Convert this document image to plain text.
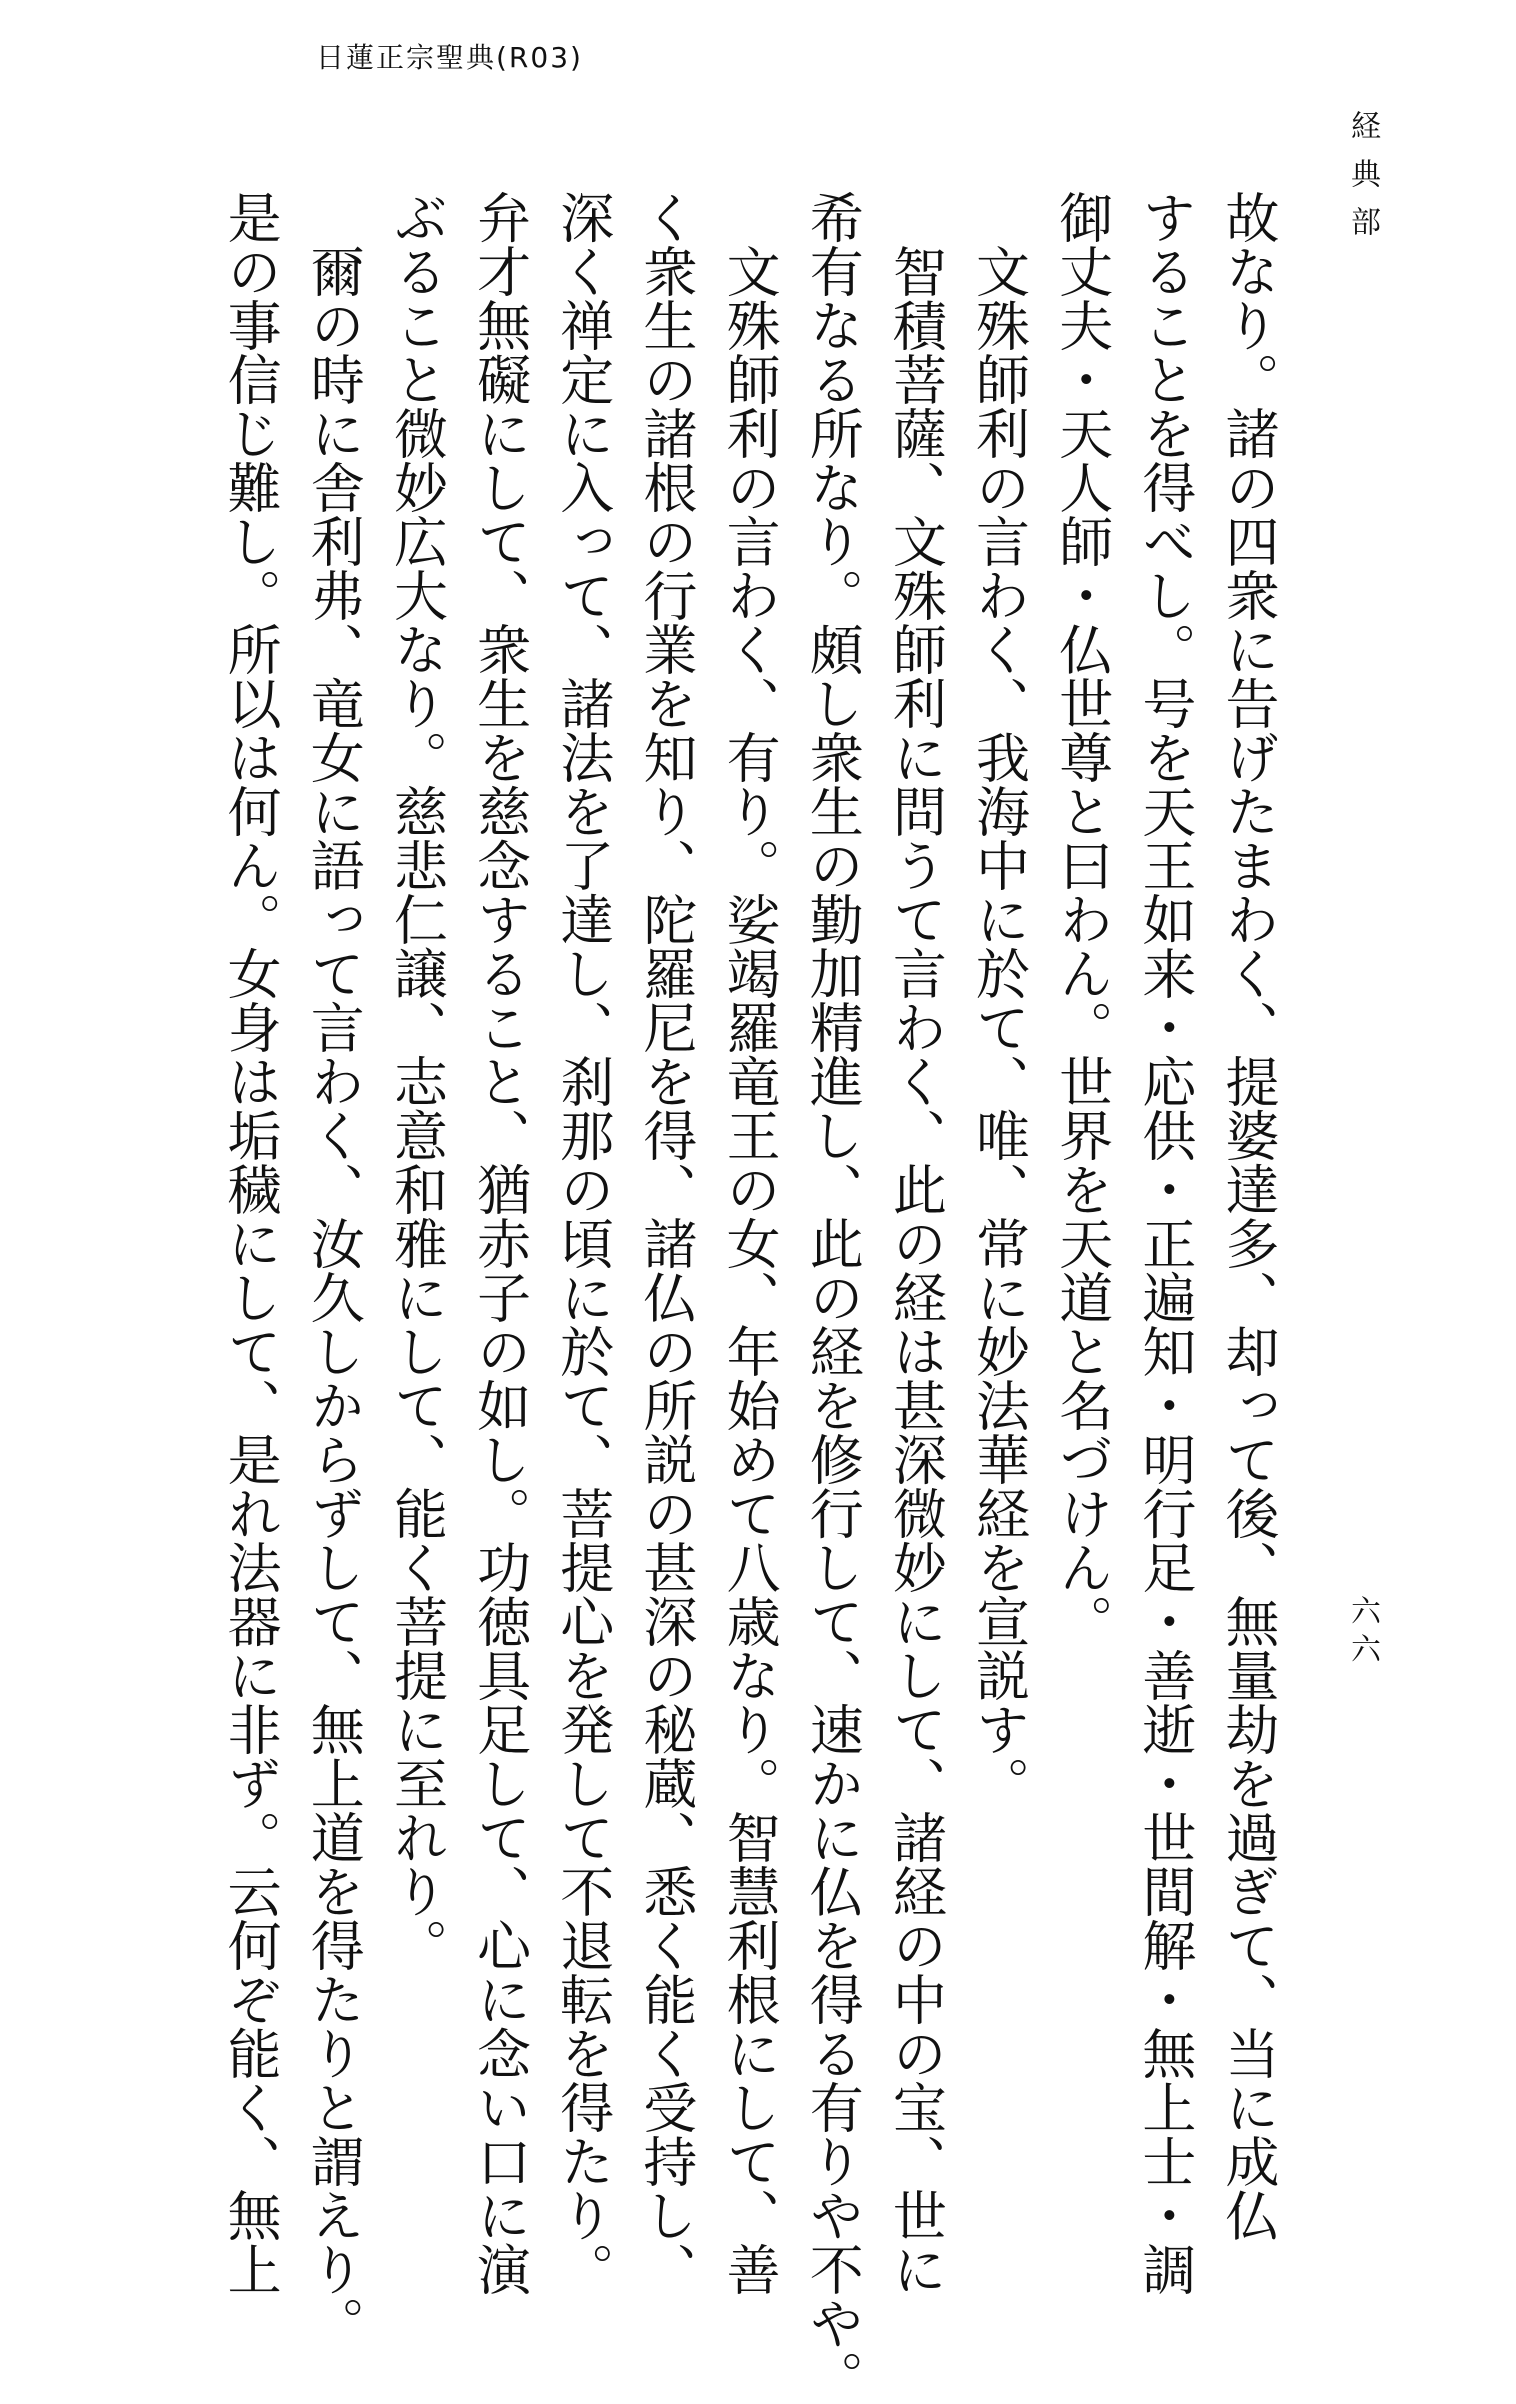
日蓮正宗聖典(R03)
経典部
六六
故なり。諸の四衆に告げたまわく、提婆達多、却って後、無量劫を過ぎて、当に成仏
することを得べし。号を天王如来・応供・正遍知・明行足・善逝・世間解・無上士・調
御丈夫・天人師・仏世尊と曰わん。世界を天道と名づけん。
文殊師利の言わく、我海中に於て、唯、常に妙法華経を宣説す。
智積菩薩、文殊師利に問うて言わく、此の経は甚深微妙にして、諸経の中の宝、世に
希有なる所なり。頗し衆生の勤加精進し、此の経を修行して、速かに仏を得る有りや不や。
文殊師利の言わく、有り。娑竭羅竜王の女、年始めて八歳なり。智慧利根にして、善
く衆生の諸根の行業を知り、陀羅尼を得、諸仏の所説の甚深の秘蔵、悉く能く受持し、
深く禅定に入って、諸法を了達し、刹那の頃に於て、菩提心を発して不退転を得たり。
弁才無礙にして、衆生を慈念すること、猶赤子の如し。功徳具足して、心に念い口に演
ぶること微妙広大なり。慈悲仁譲、志意和雅にして、能く菩提に至れり。
爾の時に舎利弗、竜女に語って言わく、汝久しからずして、無上道を得たりと謂えり。
是の事信じ難し。所以は何ん。女身は垢穢にして、是れ法器に非ず。云何ぞ能く、無上
